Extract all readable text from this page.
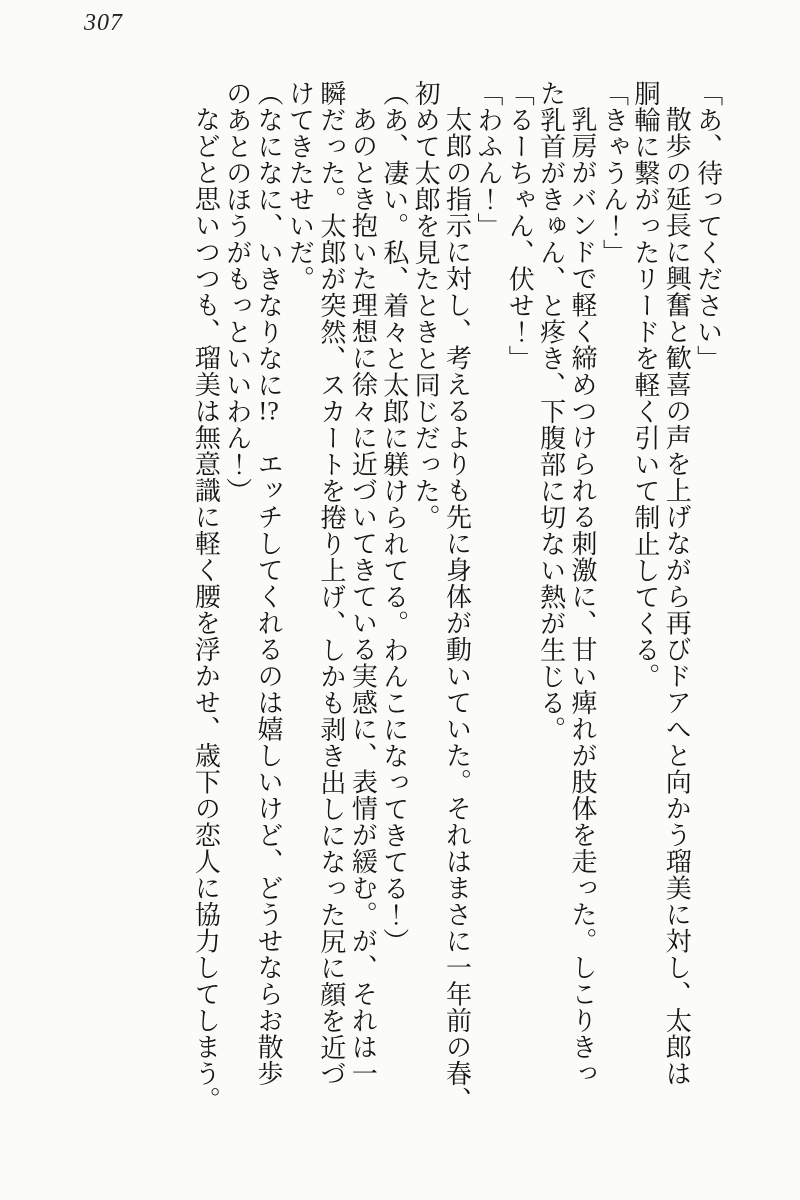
307

「あ、待ってください」

散歩の延長に興奮と歓喜の声を上げながら再びドアへと向かう瑠美に対し、太郎は

胴輪に繋がったリードを軽く引いて制止してくる。

「きゃうん！」

乳房がバンドで軽く締めつけられる刺激に、甘い痺れが肢体を走った。しこりきっ

た乳首がきゅん、と疼き、下腹部に切ない熱が生じる。

「るーちゃん、伏せ！」

「わふん！」

太郎の指示に対し、考えるよりも先に身体が動いていた。それはまさに一年前の春、

初めて太郎を見たときと同じだった。

（あ、凄い。私、着々と太郎に躾けられてる。わんこになってきてる！）

あのとき抱いた理想に徐々に近づいてきている実感に、表情が緩む。が、それは一

瞬だった。太郎が突然、スカートを捲り上げ、しかも剥き出しになった尻に顔を近づ

けてきたせいだ。

（なになに、いきなりなに!?　エッチしてくれるのは嬉しいけど、どうせならお散歩

のあとのほうがもっといいわん！）

などと思いつつも、瑠美は無意識に軽く腰を浮かせ、歳下の恋人に協力してしまう。
